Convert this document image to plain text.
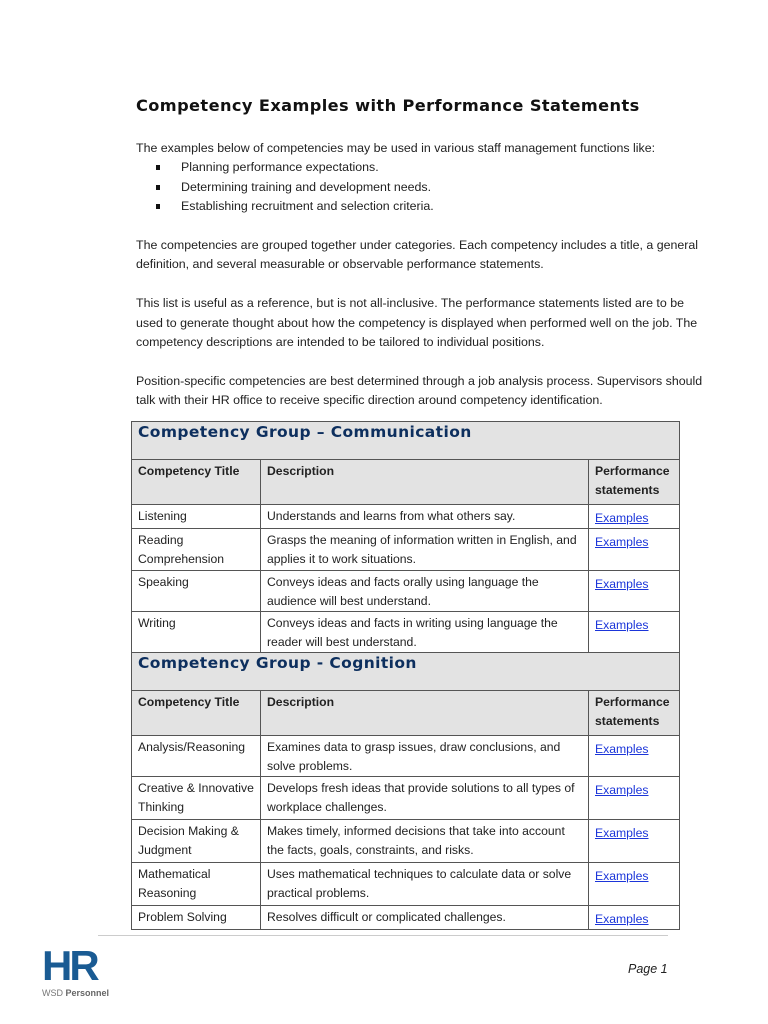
Competency Examples with Performance Statements
The examples below of competencies may be used in various staff management functions like:
Planning performance expectations.
Determining training and development needs.
Establishing recruitment and selection criteria.
The competencies are grouped together under categories. Each competency includes a title, a general definition, and several measurable or observable performance statements.
This list is useful as a reference, but is not all-inclusive. The performance statements listed are to be used to generate thought about how the competency is displayed when performed well on the job. The competency descriptions are intended to be tailored to individual positions.
Position-specific competencies are best determined through a job analysis process. Supervisors should talk with their HR office to receive specific direction around competency identification.
Competency Group – Communication		
Competency Title	Description	Performance statements
Listening	Understands and learns from what others say.	Examples
Reading Comprehension	Grasps the meaning of information written in English, and applies it to work situations.	Examples
Speaking	Conveys ideas and facts orally using language the audience will best understand.	Examples
Writing	Conveys ideas and facts in writing using language the reader will best understand.	Examples
Competency Group - Cognition		
Competency Title	Description	Performance statements
Analysis/Reasoning	Examines data to grasp issues, draw conclusions, and solve problems.	Examples
Creative & Innovative Thinking	Develops fresh ideas that provide solutions to all types of workplace challenges.	Examples
Decision Making & Judgment	Makes timely, informed decisions that take into account the facts, goals, constraints, and risks.	Examples
Mathematical Reasoning	Uses mathematical techniques to calculate data or solve practical problems.	Examples
Problem Solving	Resolves difficult or complicated challenges.	Examples
HR
WSD Personnel
Page 1
